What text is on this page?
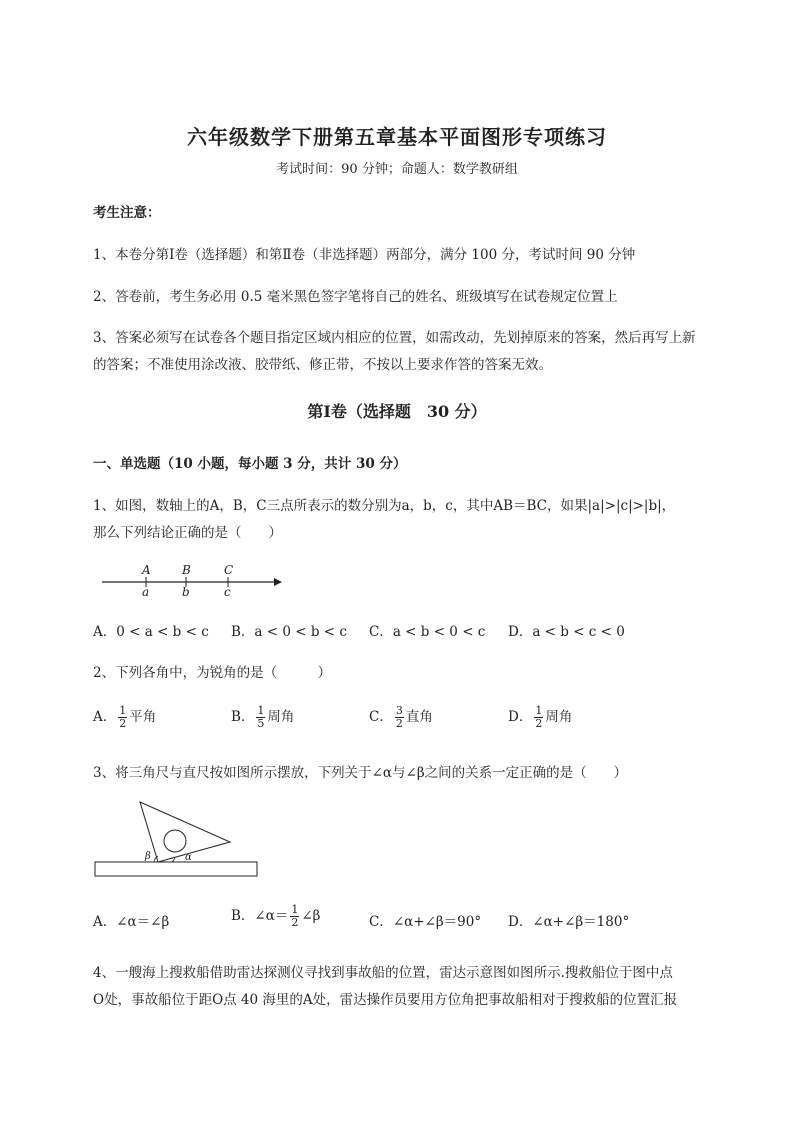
六年级数学下册第五章基本平面图形专项练习
考试时间：90 分钟；命题人：数学教研组
考生注意：
1、本卷分第Ⅰ卷（选择题）和第Ⅱ卷（非选择题）两部分，满分 100 分，考试时间 90 分钟
2、答卷前，考生务必用 0.5 毫米黑色签字笔将自己的姓名、班级填写在试卷规定位置上
3、答案必须写在试卷各个题目指定区域内相应的位置，如需改动，先划掉原来的答案，然后再写上新
的答案；不准使用涂改液、胶带纸、修正带，不按以上要求作答的答案无效。
第Ⅰ卷（选择题　30 分）
一、单选题（10 小题，每小题 3 分，共计 30 分）
1、如图，数轴上的A，B，C三点所表示的数分别为a，b，c，其中AB＝BC，如果|a|>|c|>|b|，
那么下列结论正确的是（　　）
A	B	C
a	b	c
A．0 < a < b < c B．a < 0 < b < c C．a < b < 0 < c D．a < b < c < 0
2、下列各角中，为锐角的是（　　　）
A． $\frac{1}{2}$ 平角	B． $\frac{1}{5}$ 周角	C． $\frac{3}{2}$ 直角	D． $\frac{1}{2}$ 周角
3、将三角尺与直尺按如图所示摆放，下列关于∠α与∠β之间的关系一定正确的是（　　）
β	α
A．∠α＝∠β	B．∠α＝ $\frac{1}{2}$ ∠β	C．∠α+∠β＝90° D．∠α+∠β＝180°
4、一艘海上搜救船借助雷达探测仪寻找到事故船的位置，雷达示意图如图所示.搜救船位于图中点
O处，事故船位于距O点 40 海里的A处，雷达操作员要用方位角把事故船相对于搜救船的位置汇报
